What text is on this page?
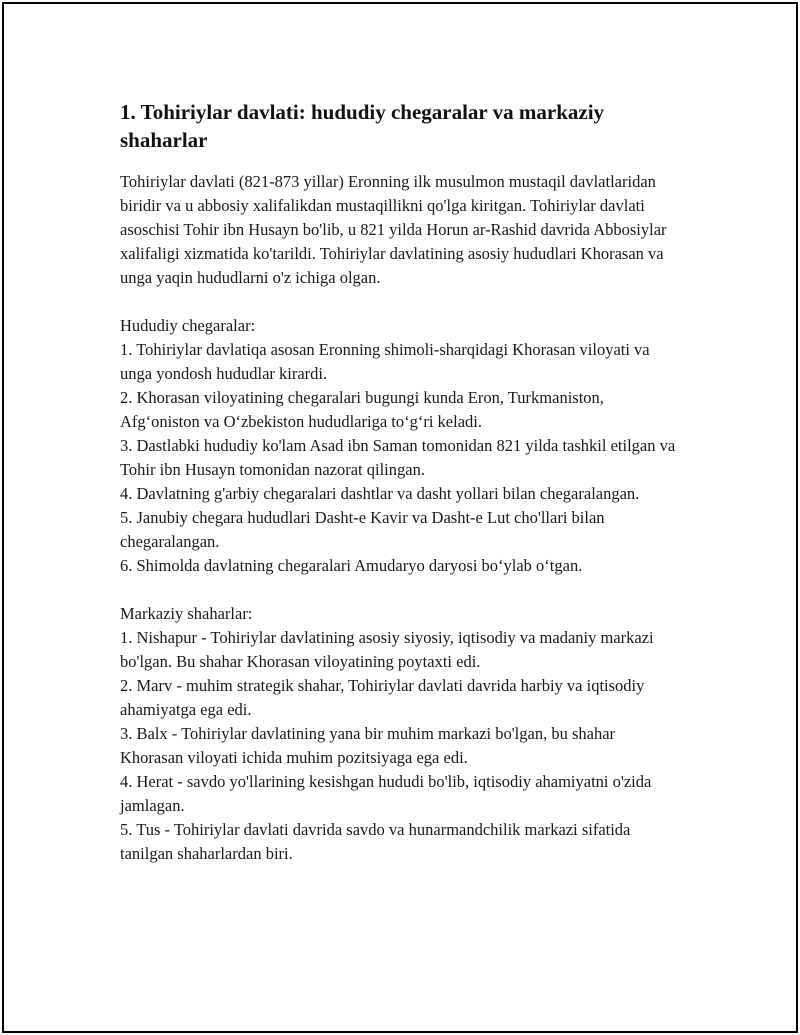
1. Tohiriylar davlati: hududiy chegaralar va markaziy shaharlar

Tohiriylar davlati (821-873 yillar) Eronning ilk musulmon mustaqil davlatlaridan biridir va u abbosiy xalifalikdan mustaqillikni qo'lga kiritgan. Tohiriylar davlati asoschisi Tohir ibn Husayn bo'lib, u 821 yilda Horun ar-Rashid davrida Abbosiylar xalifaligi xizmatida ko'tarildi. Tohiriylar davlatining asosiy hududlari Khorasan va unga yaqin hududlarni o'z ichiga olgan.

Hududiy chegaralar:
1. Tohiriylar davlatiqa asosan Eronning shimoli-sharqidagi Khorasan viloyati va unga yondosh hududlar kirardi.
2. Khorasan viloyatining chegaralari bugungi kunda Eron, Turkmaniston, Afg‘oniston va O‘zbekiston hududlariga to‘g‘ri keladi.
3. Dastlabki hududiy ko'lam Asad ibn Saman tomonidan 821 yilda tashkil etilgan va Tohir ibn Husayn tomonidan nazorat qilingan.
4. Davlatning g'arbiy chegaralari dashtlar va dasht yollari bilan chegaralangan.
5. Janubiy chegara hududlari Dasht-e Kavir va Dasht-e Lut cho'llari bilan chegaralangan.
6. Shimolda davlatning chegaralari Amudaryo daryosi bo‘ylab o‘tgan.
Markaziy shaharlar:
1. Nishapur - Tohiriylar davlatining asosiy siyosiy, iqtisodiy va madaniy markazi bo'lgan. Bu shahar Khorasan viloyatining poytaxti edi.
2. Marv - muhim strategik shahar, Tohiriylar davlati davrida harbiy va iqtisodiy ahamiyatga ega edi.
3. Balx - Tohiriylar davlatining yana bir muhim markazi bo'lgan, bu shahar Khorasan viloyati ichida muhim pozitsiyaga ega edi.
4. Herat - savdo yo'llarining kesishgan hududi bo'lib, iqtisodiy ahamiyatni o'zida jamlagan.
5. Tus - Tohiriylar davlati davrida savdo va hunarmandchilik markazi sifatida tanilgan shaharlardan biri.
